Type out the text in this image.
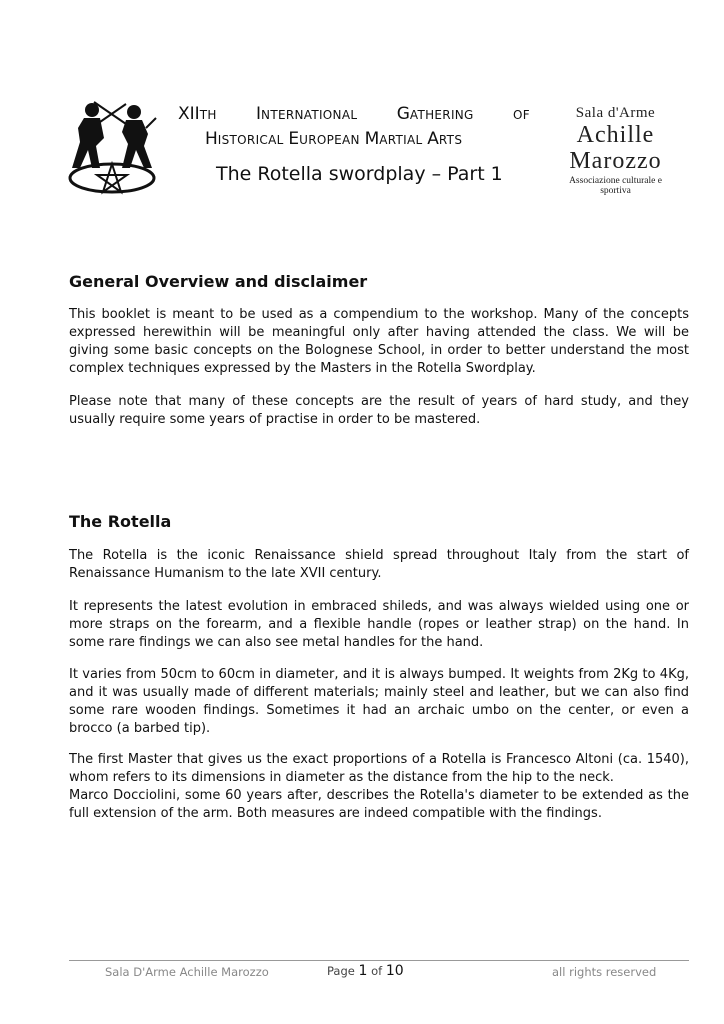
XIITH INTERNATIONAL GATHERING	OF
HISTORICAL EUROPEAN MARTIAL ARTS
The Rotella swordplay – Part 1
Sala d'Arme
Achille
Marozzo
Associazione culturale e sportiva
General Overview and disclaimer

This booklet is meant to be used as a compendium to the workshop. Many of the concepts expressed herewithin will be meaningful only after having attended the class. We will be giving some basic concepts on the Bolognese School, in order to better understand the most complex techniques expressed by the Masters in the Rotella Swordplay.

Please note that many of these concepts are the result of years of hard study, and they usually require some years of practise in order to be mastered.

The Rotella

The Rotella is the iconic Renaissance shield spread throughout Italy from the start of Renaissance Humanism to the late XVII century.

It represents the latest evolution in embraced shileds, and was always wielded using one or more straps on the forearm, and a flexible handle (ropes or leather strap) on the hand. In some rare findings we can also see metal handles for the hand.

It varies from 50cm to 60cm in diameter, and it is always bumped. It weights from 2Kg to 4Kg, and it was usually made of different materials; mainly steel and leather, but we can also find some rare wooden findings. Sometimes it had an archaic umbo on the center, or even a brocco (a barbed tip).

The first Master that gives us the exact proportions of a Rotella is Francesco Altoni (ca. 1540), whom refers to its dimensions in diameter as the distance from the hip to the neck.
Marco Docciolini, some 60 years after, describes the Rotella's diameter to be extended as the full extension of the arm. Both measures are indeed compatible with the findings.

Sala D'Arme Achille Marozzo	Page 1 of 10	all rights reserved
